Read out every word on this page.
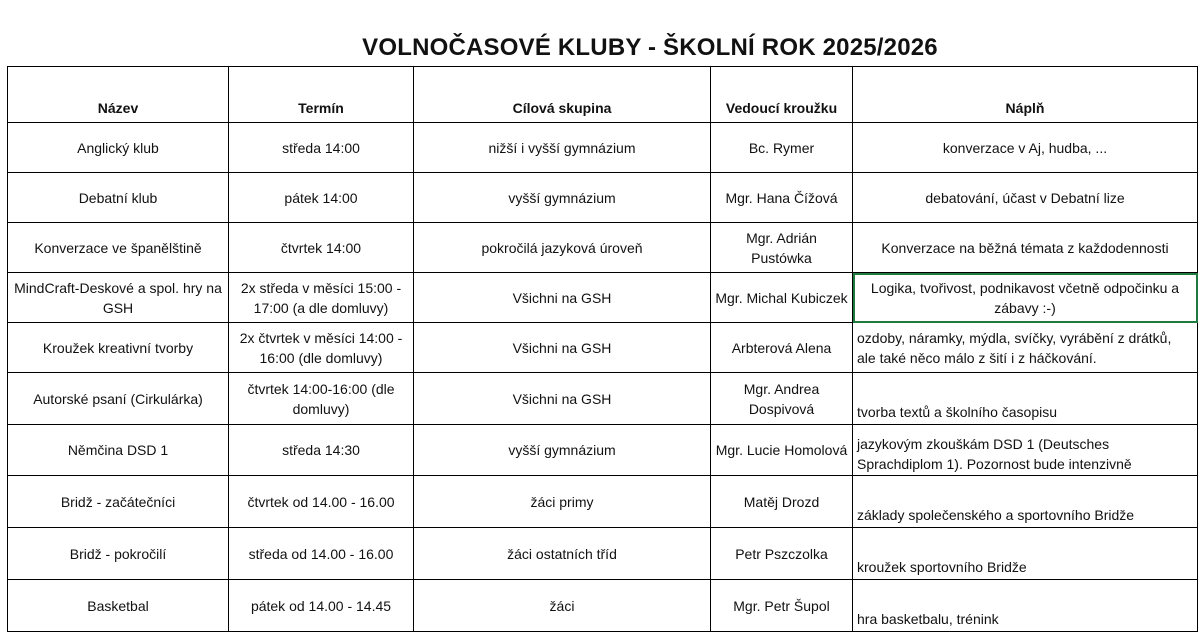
VOLNOČASOVÉ KLUBY - ŠKOLNÍ ROK 2025/2026
Název	Termín	Cílová skupina	Vedoucí kroužku	Náplň
Anglický klub	středa 14:00	nižší i vyšší gymnázium	Bc. Rymer	konverzace v Aj, hudba, ...
Debatní klub	pátek 14:00	vyšší gymnázium	Mgr. Hana Čížová	debatování, účast v Debatní lize
Konverzace ve španělštině	čtvrtek 14:00	pokročilá jazyková úroveň	Mgr. Adrián Pustówka	Konverzace na běžná témata z každodennosti
MindCraft-Deskové a spol. hry na GSH	2x středa v měsíci 15:00 - 17:00 (a dle domluvy)	Všichni na GSH	Mgr. Michal Kubiczek	Logika, tvořivost, podnikavost včetně odpočinku a zábavy :-)
Kroužek kreativní tvorby	2x čtvrtek v měsíci 14:00 - 16:00 (dle domluvy)	Všichni na GSH	Arbterová Alena	ozdoby, náramky, mýdla, svíčky, vyrábění z drátků, ale také něco málo z šití i z háčkování.
Autorské psaní (Cirkulárka)	čtvrtek 14:00-16:00 (dle domluvy)	Všichni na GSH	Mgr. Andrea Dospivová	tvorba textů a školního časopisu
Němčina DSD 1	středa 14:30	vyšší gymnázium	Mgr. Lucie Homolová	jazykovým zkouškám DSD 1 (Deutsches Sprachdiplom 1). Pozornost bude intenzivně
Bridž - začátečníci	čtvrtek od 14.00 - 16.00	žáci primy	Matěj Drozd	základy společenského a sportovního Bridže
Bridž - pokročilí	středa od 14.00 - 16.00	žáci ostatních tříd	Petr Pszczolka	kroužek sportovního Bridže
Basketbal	pátek od 14.00 - 14.45	žáci	Mgr. Petr Šupol	hra basketbalu, trénink
